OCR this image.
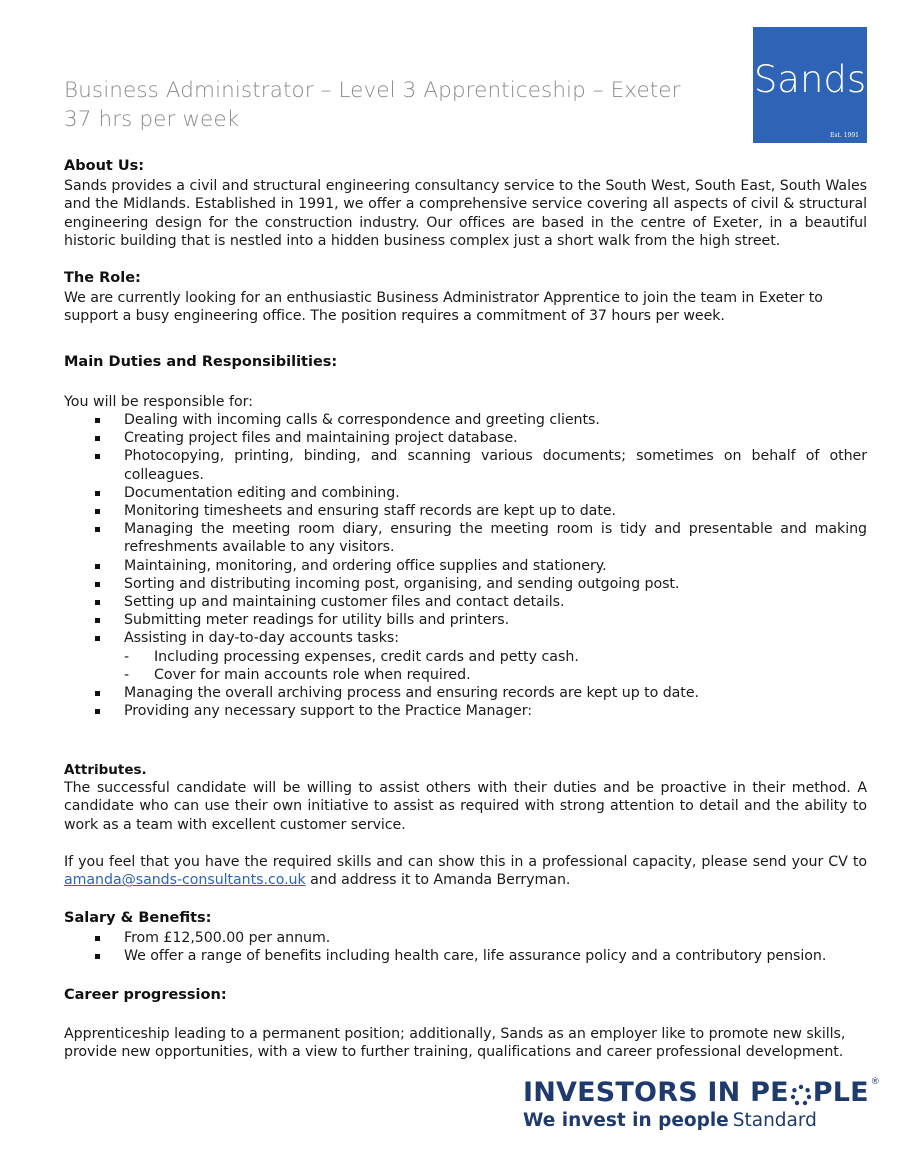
Business Administrator – Level 3 Apprenticeship – Exeter
37 hrs per week
Sands
Est. 1991
About Us:
Sands provides a civil and structural engineering consultancy service to the South West, South East, South Wales and the Midlands. Established in 1991, we offer a comprehensive service covering all aspects of civil & structural engineering design for the construction industry. Our offices are based in the centre of Exeter, in a beautiful historic building that is nestled into a hidden business complex just a short walk from the high street.
The Role:
We are currently looking for an enthusiastic Business Administrator Apprentice to join the team in Exeter to support a busy engineering office. The position requires a commitment of 37 hours per week.
Main Duties and Responsibilities:
You will be responsible for:
Dealing with incoming calls & correspondence and greeting clients.
Creating project files and maintaining project database.
Photocopying, printing, binding, and scanning various documents; sometimes on behalf of other colleagues.
Documentation editing and combining.
Monitoring timesheets and ensuring staff records are kept up to date.
Managing the meeting room diary, ensuring the meeting room is tidy and presentable and making refreshments available to any visitors.
Maintaining, monitoring, and ordering office supplies and stationery.
Sorting and distributing incoming post, organising, and sending outgoing post.
Setting up and maintaining customer files and contact details.
Submitting meter readings for utility bills and printers.
Assisting in day-to-day accounts tasks:
- Including processing expenses, credit cards and petty cash.
- Cover for main accounts role when required.
Managing the overall archiving process and ensuring records are kept up to date.
Providing any necessary support to the Practice Manager:
Attributes.
The successful candidate will be willing to assist others with their duties and be proactive in their method. A candidate who can use their own initiative to assist as required with strong attention to detail and the ability to work as a team with excellent customer service.
If you feel that you have the required skills and can show this in a professional capacity, please send your CV to amanda@sands-consultants.co.uk and address it to Amanda Berryman.
Salary & Benefits:
From £12,500.00 per annum.
We offer a range of benefits including health care, life assurance policy and a contributory pension.
Career progression:
Apprenticeship leading to a permanent position; additionally, Sands as an employer like to promote new skills, provide new opportunities, with a view to further training, qualifications and career professional development.
INVESTORS IN PE PLE ®
We invest in people Standard
